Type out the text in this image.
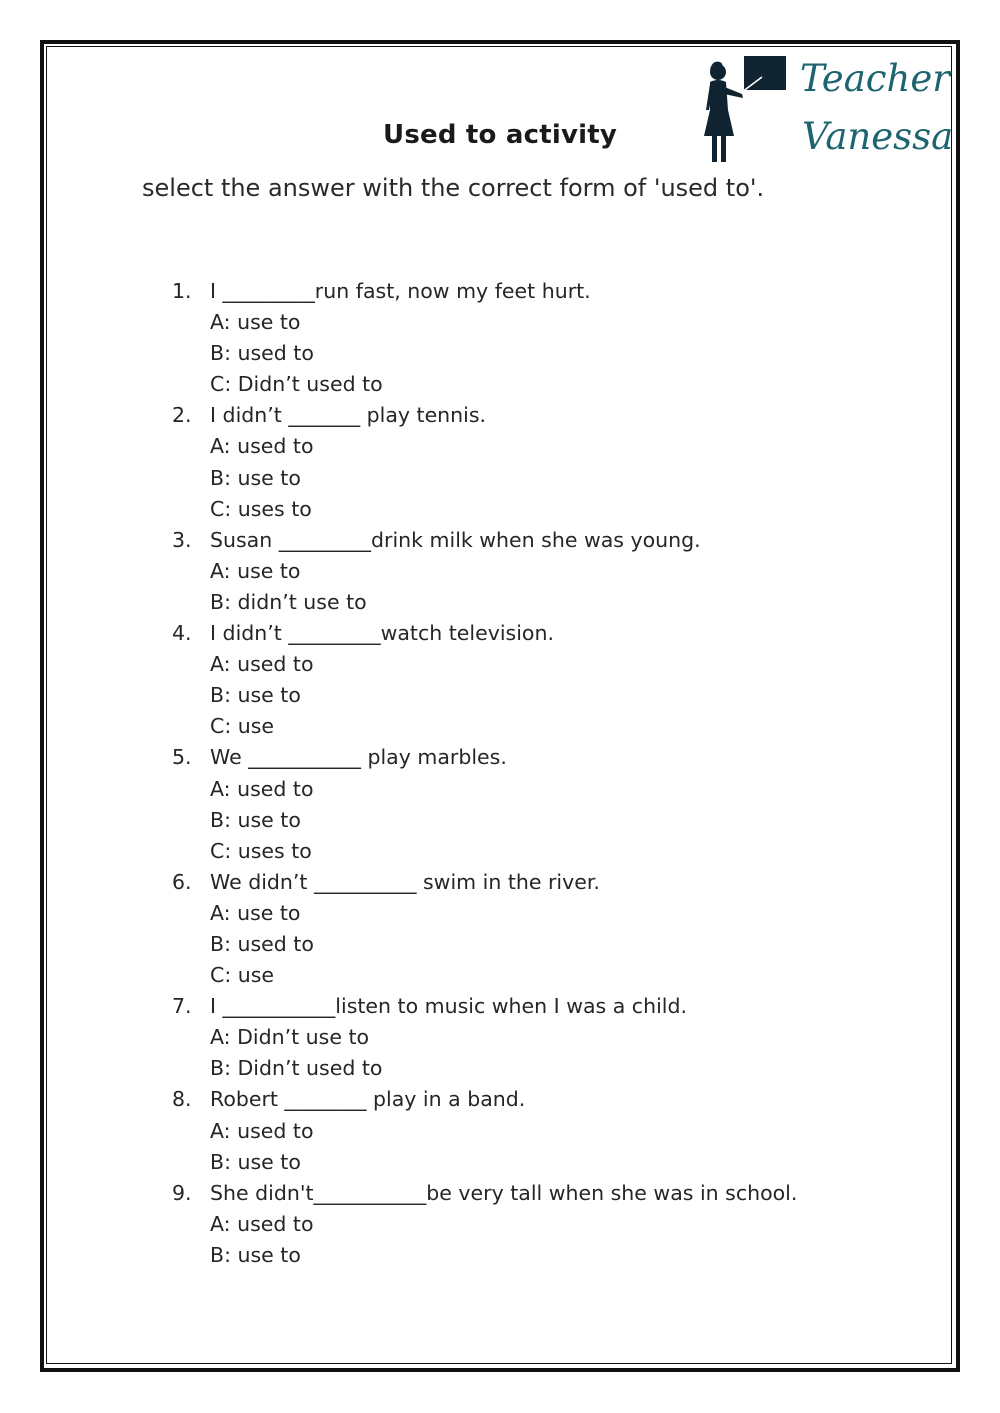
Used to activity
select the answer with the correct form of 'used to'.
Teacher
Vanessa
1. I _________run fast, now my feet hurt.
A: use to
B: used to
C: Didn’t used to
2. I didn’t _______ play tennis.
A: used to
B: use to
C: uses to
3. Susan _________drink milk when she was young.
A: use to
B: didn’t use to
4. I didn’t _________watch television.
A: used to
B: use to
C: use
5. We ___________ play marbles.
A: used to
B: use to
C: uses to
6. We didn’t __________ swim in the river.
A: use to
B: used to
C: use
7. I ___________listen to music when I was a child.
A: Didn’t use to
B: Didn’t used to
8. Robert ________ play in a band.
A: used to
B: use to
9. She didn't___________be very tall when she was in school.
A: used to
B: use to
